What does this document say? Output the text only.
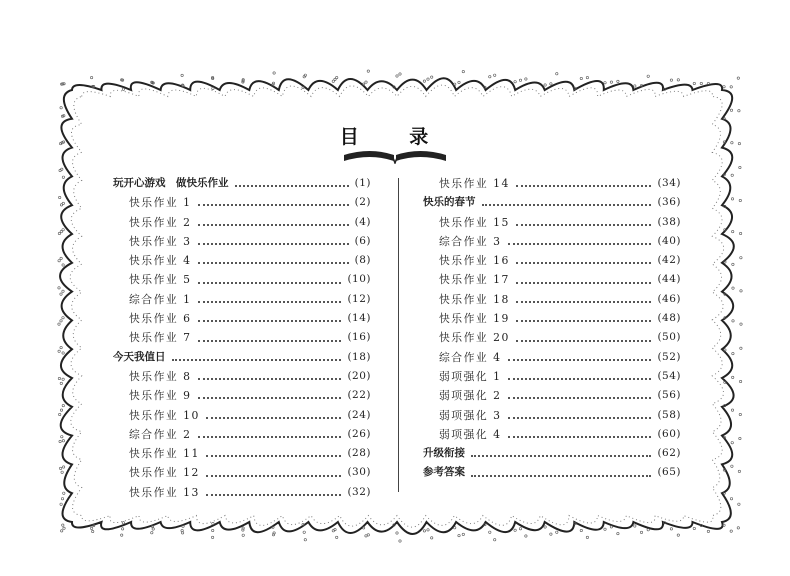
目 录
玩开心游戏　做快乐作业	(1)
快乐作业 1	(2)
快乐作业 2	(4)
快乐作业 3	(6)
快乐作业 4	(8)
快乐作业 5	(10)
综合作业 1	(12)
快乐作业 6	(14)
快乐作业 7	(16)
今天我值日	(18)
快乐作业 8	(20)
快乐作业 9	(22)
快乐作业 10	(24)
综合作业 2	(26)
快乐作业 11	(28)
快乐作业 12	(30)
快乐作业 13	(32)
快乐作业 14	(34)
快乐的春节	(36)
快乐作业 15	(38)
综合作业 3	(40)
快乐作业 16	(42)
快乐作业 17	(44)
快乐作业 18	(46)
快乐作业 19	(48)
快乐作业 20	(50)
综合作业 4	(52)
弱项强化 1	(54)
弱项强化 2	(56)
弱项强化 3	(58)
弱项强化 4	(60)
升级衔接	(62)
参考答案	(65)
